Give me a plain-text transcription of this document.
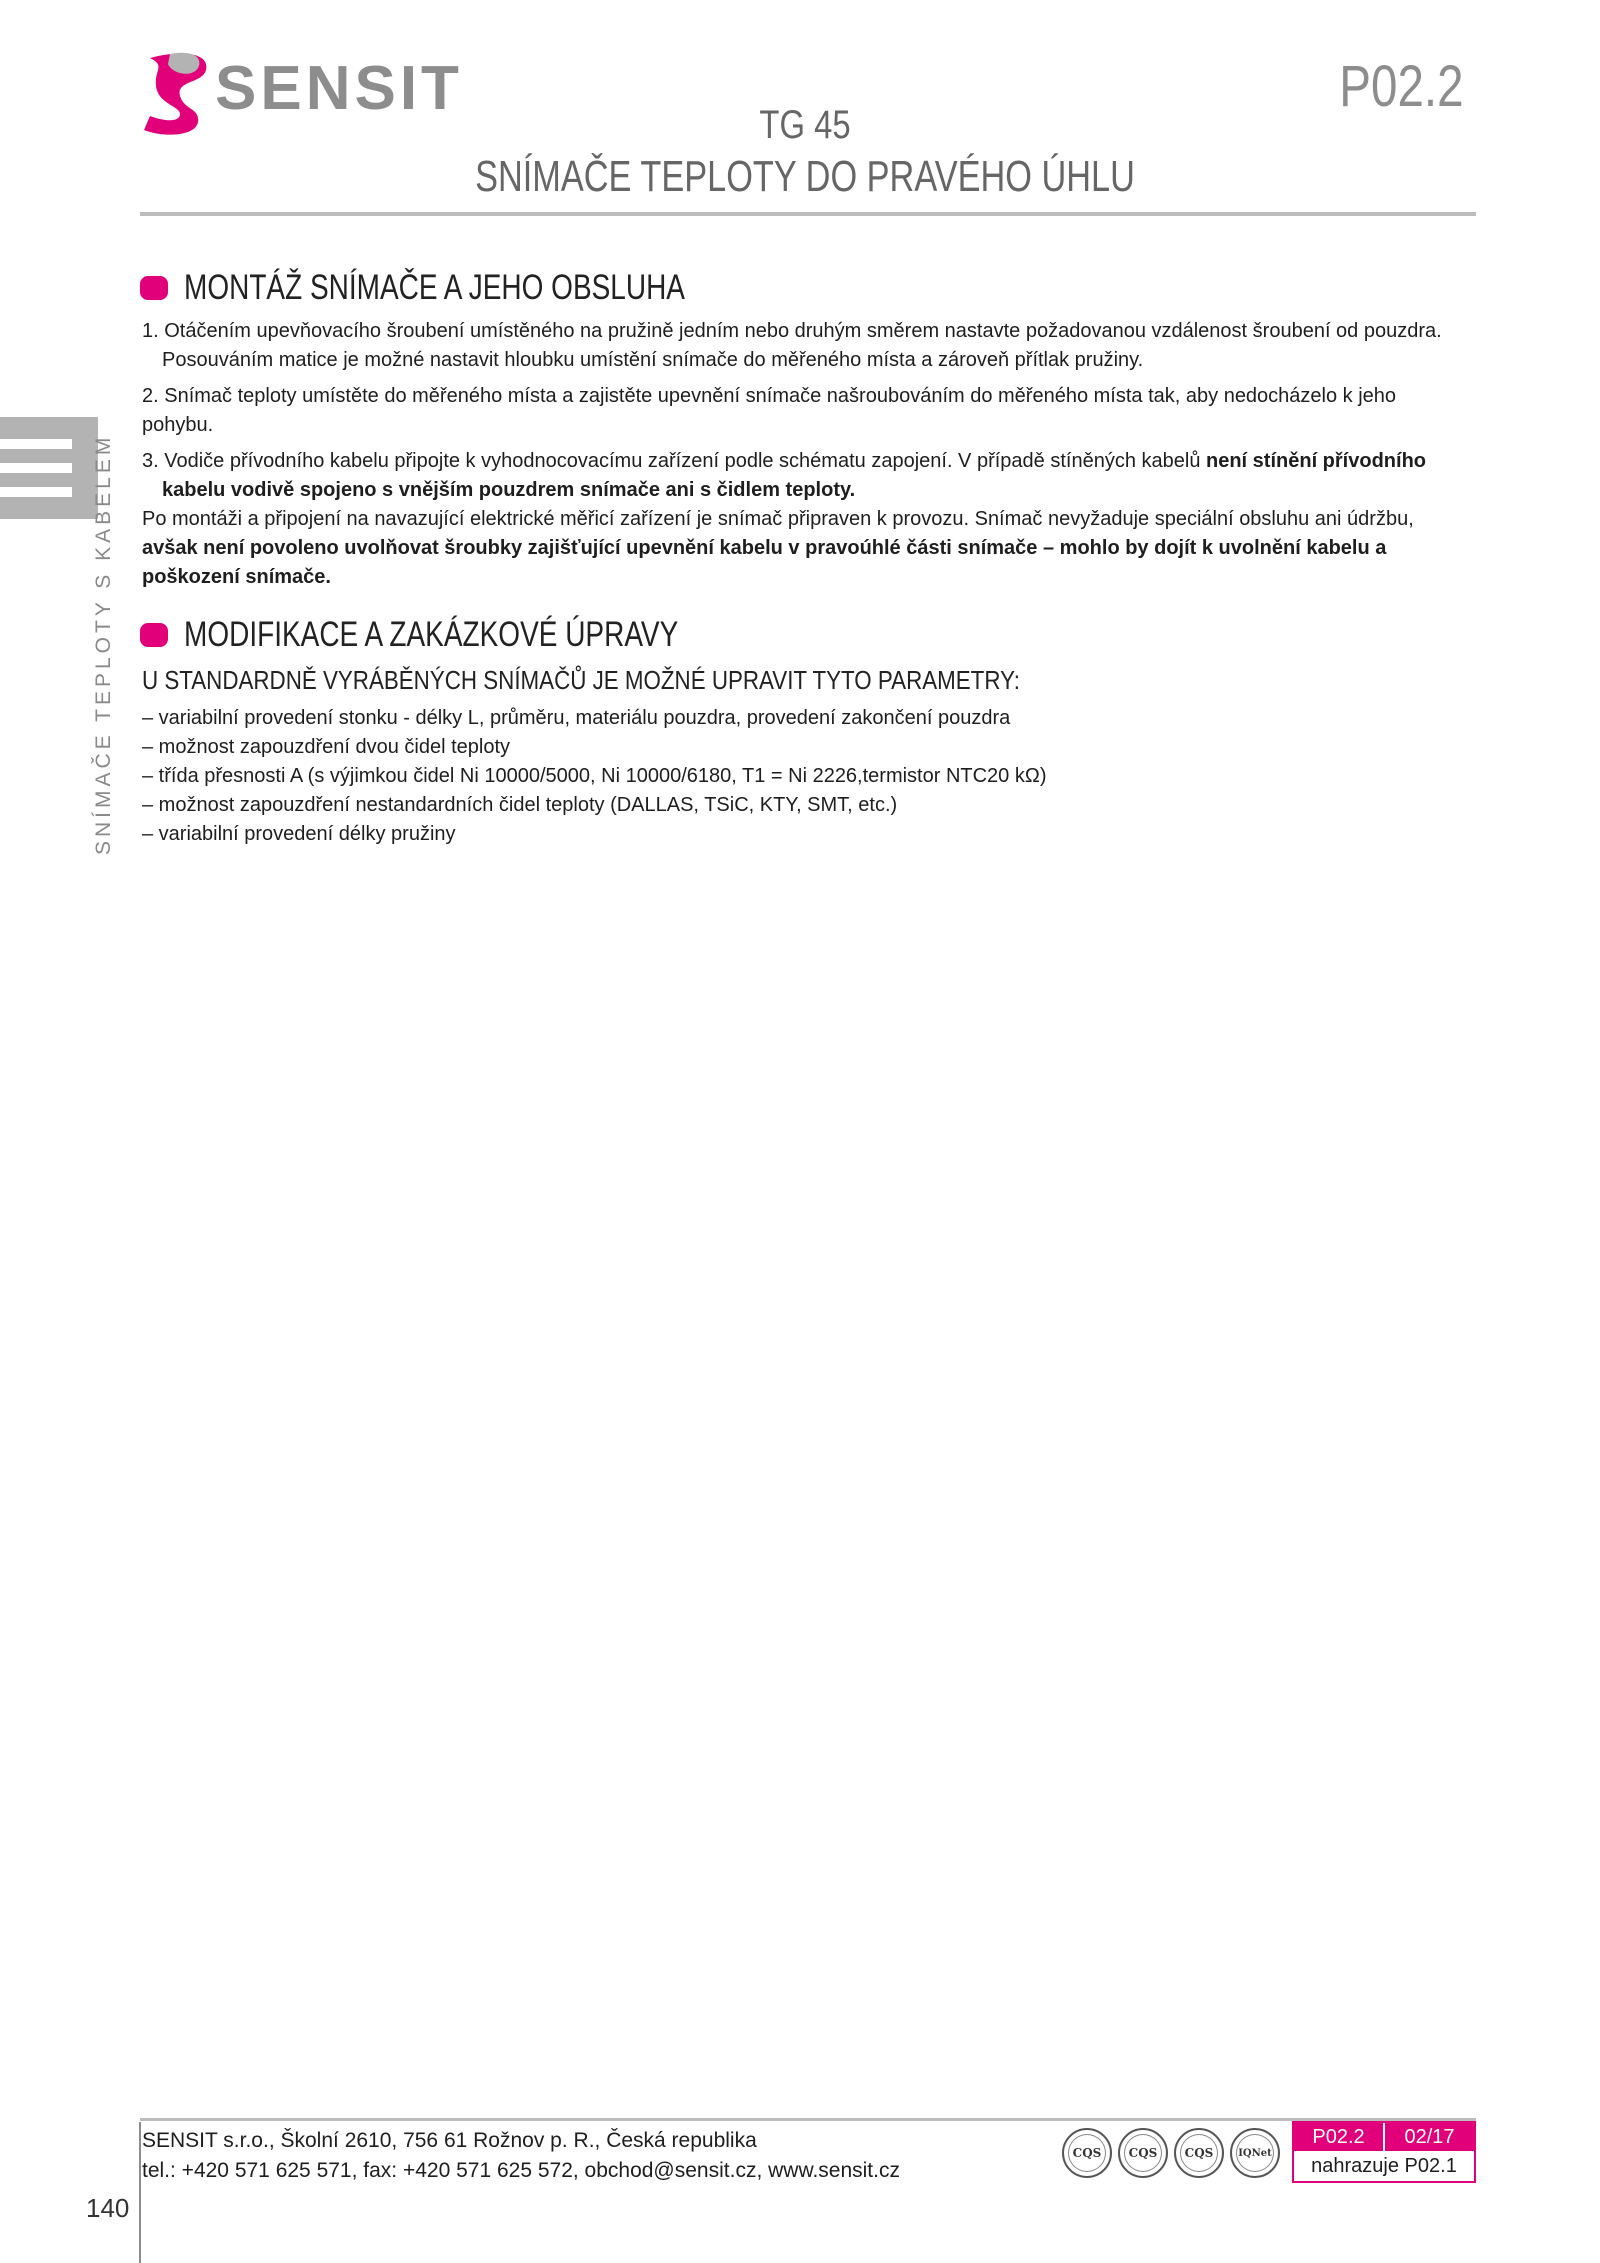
SENSIT	P02.2
TG 45
SNÍMAČE TEPLOTY DO PRAVÉHO ÚHLU
SNÍMAČE TEPLOTY S KABELEM
MONTÁŽ SNÍMAČE A JEHO OBSLUHA

1. Otáčením upevňovacího šroubení umístěného na pružině jedním nebo druhým směrem nastavte požadovanou vzdálenost šroubení od pouzdra.

Posouváním matice je možné nastavit hloubku umístění snímače do měřeného místa a zároveň přítlak pružiny.

2. Snímač teploty umístěte do měřeného místa a zajistěte upevnění snímače našroubováním do měřeného místa tak, aby nedocházelo k jeho pohybu.

3. Vodiče přívodního kabelu připojte k vyhodnocovacímu zařízení podle schématu zapojení. V případě stíněných kabelů není stínění přívodního

kabelu vodivě spojeno s vnějším pouzdrem snímače ani s čidlem teploty.

Po montáži a připojení na navazující elektrické měřicí zařízení je snímač připraven k provozu. Snímač nevyžaduje speciální obsluhu ani údržbu,

avšak není povoleno uvolňovat šroubky zajišťující upevnění kabelu v pravoúhlé části snímače – mohlo by dojít k uvolnění kabelu a

poškození snímače.

MODIFIKACE A ZAKÁZKOVÉ ÚPRAVY
U STANDARDNĚ VYRÁBĚNÝCH SNÍMAČŮ JE MOŽNÉ UPRAVIT TYTO PARAMETRY:
– variabilní provedení stonku - délky L, průměru, materiálu pouzdra, provedení zakončení pouzdra
– možnost zapouzdření dvou čidel teploty
– třída přesnosti A (s výjimkou čidel Ni 10000/5000, Ni 10000/6180, T1 = Ni 2226,termistor NTC20 kΩ)
– možnost zapouzdření nestandardních čidel teploty (DALLAS, TSiC, KTY, SMT, etc.)
– variabilní provedení délky pružiny
SENSIT s.r.o., Školní 2610, 756 61 Rožnov p. R., Česká republika
tel.: +420 571 625 571, fax: +420 571 625 572, obchod@sensit.cz, www.sensit.cz
140
CQS	CQS	CQS	IQNet
P02.2	02/17
nahrazuje P02.1
